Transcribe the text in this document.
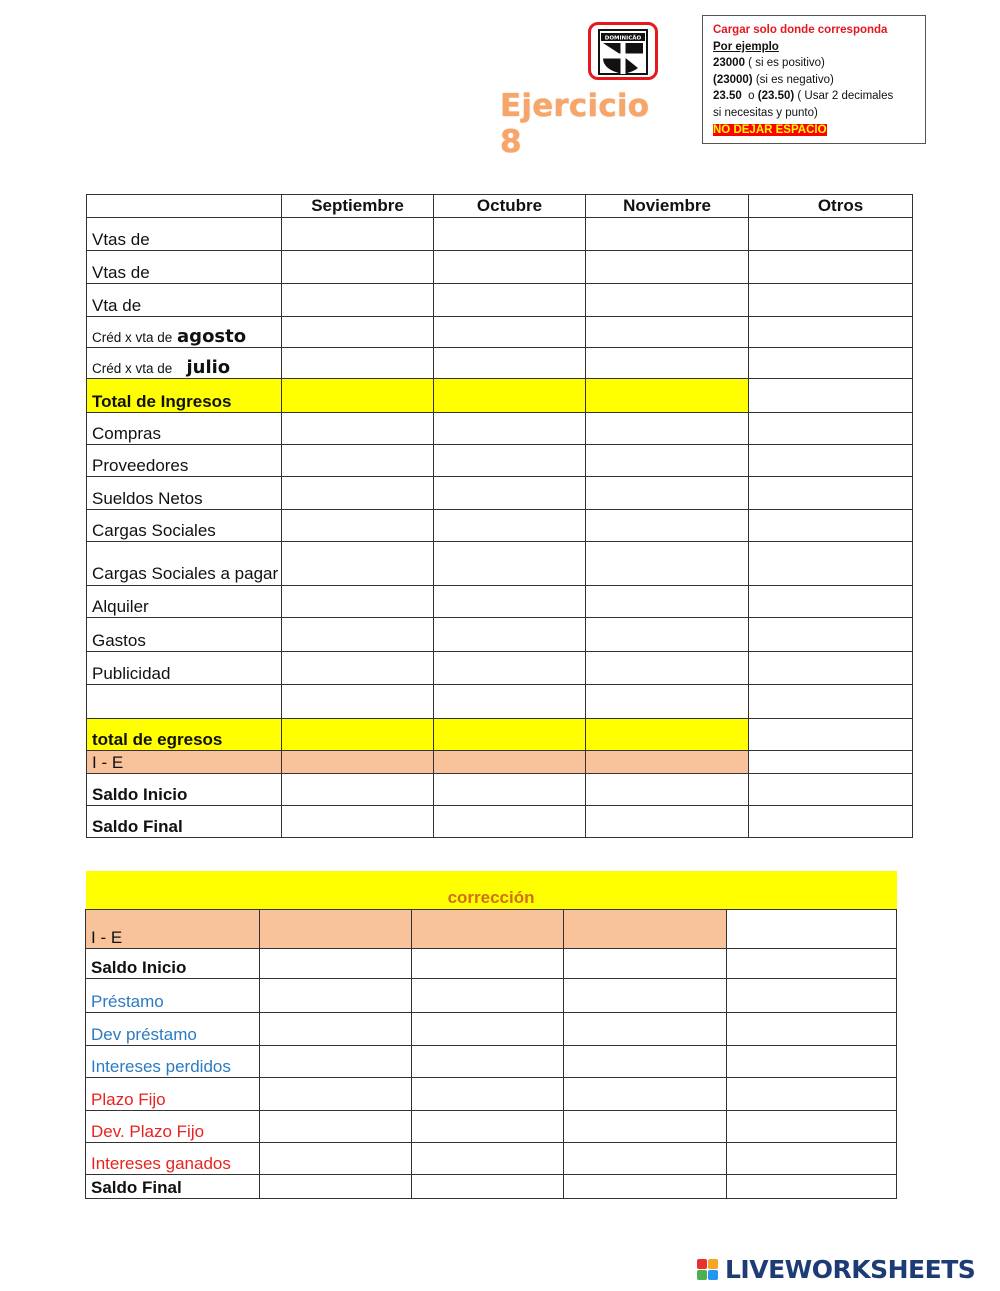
DOMINICÃO
Ejercicio 8
Cargar solo donde corresponda
Por ejemplo
23000 ( si es positivo)
(23000) (si es negativo)
23.50  o (23.50) ( Usar 2 decimales
si necesitas y punto)
NO DEJAR ESPACIO
	Septiembre	Octubre	Noviembre	Otros
Vtas de				
Vtas de				
Vta de				
Créd x vta de agosto				
Créd x vta de julio				
Total de Ingresos				
Compras				
Proveedores				
Sueldos Netos				
Cargas Sociales				
Cargas Sociales a pagar				
Alquiler				
Gastos				
Publicidad				

total de egresos				
I - E				
Saldo Inicio				
Saldo Final				
corrección				
I - E				
Saldo Inicio				
Préstamo				
Dev préstamo				
Intereses perdidos				
Plazo Fijo				
Dev. Plazo Fijo				
Intereses ganados				
Saldo Final				
LIVEWORKSHEETS
